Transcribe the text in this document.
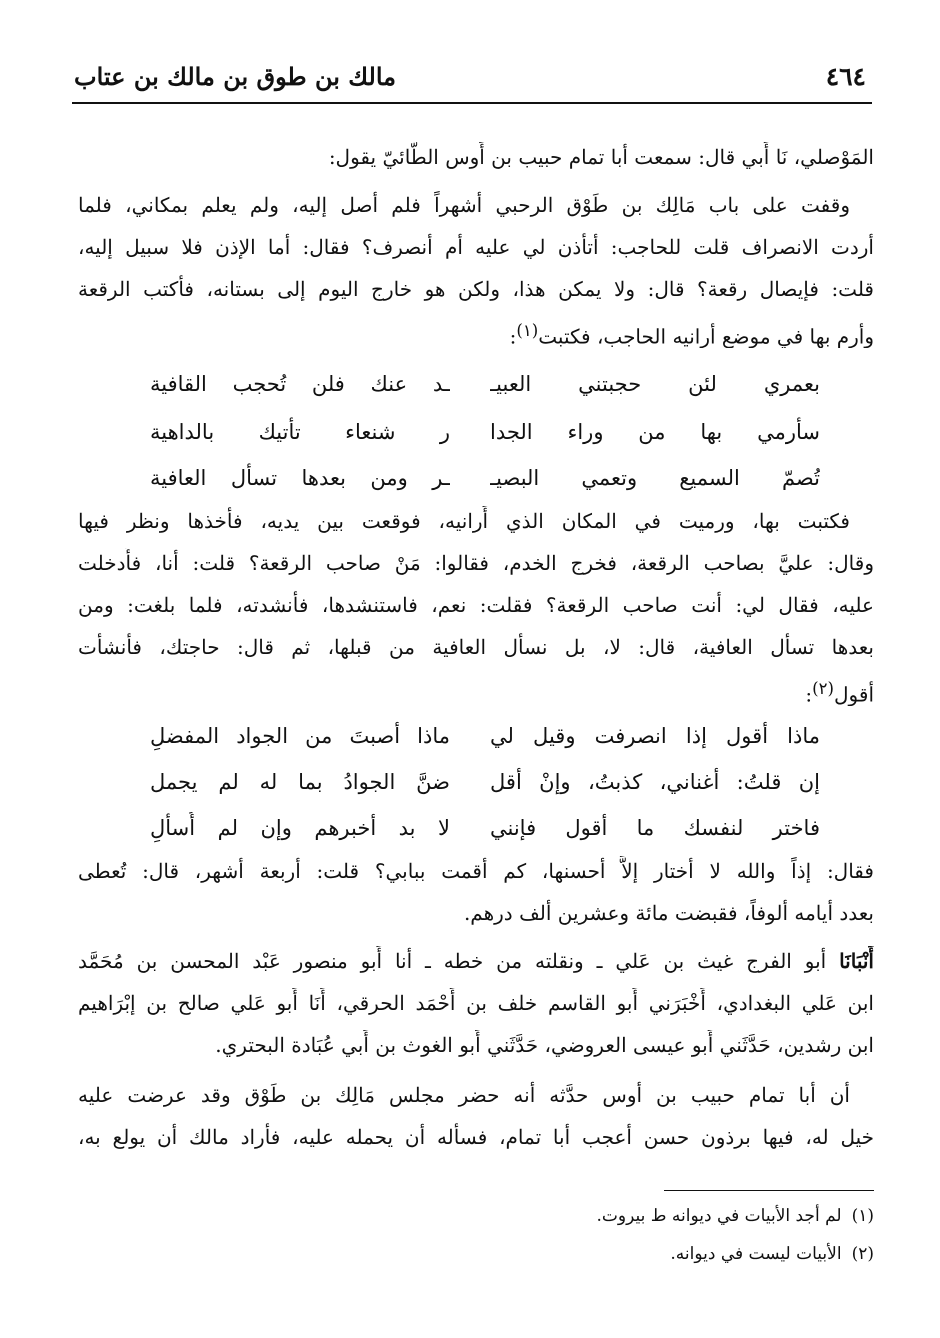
٤٦٤
مالك بن طوق بن مالك بن عتاب
المَوْصلي، نَا أَبي قال: سمعت أبا تمام حبيب بن أَوس الطَّائيّ يقول:
وقفت على باب مَالِك بن طَوْق الرحبي أشهراً فلم أصل إليه، ولم يعلم بمكاني، فلما
أردت الانصراف قلت للحاجب: أتأذن لي عليه أم أنصرف؟ فقال: أما الإذن فلا سبيل إليه،
قلت: فإيصال رقعة؟ قال: ولا يمكن هذا، ولكن هو خارج اليوم إلى بستانه، فأكتب الرقعة
وأرم بها في موضع أرانيه الحاجب، فكتبت$^{(١)}$:
بعمري لئن حجبتني العبيـ
ـد عنك فلن تُحجب القافية
سأرمي بها من وراء الجدا
ر شنعاء تأتيك بالداهية
تُصمّ السميع وتعمي البصيـ
ـر ومن بعدها تسأل العافية
فكتبت بها، ورميت في المكان الذي أَرانيه، فوقعت بين يديه، فأخذها ونظر فيها
وقال: عليَّ بصاحب الرقعة، فخرج الخدم، فقالوا: مَنْ صاحب الرقعة؟ قلت: أنا، فأُدخلت
عليه، فقال لي: أنت صاحب الرقعة؟ فقلت: نعم، فاستنشدها، فأنشدته، فلما بلغت: ومن
بعدها تسأل العافية، قال: لا، بل نسأل العافية من قبلها، ثم قال: حاجتك، فأنشأت
أقول$^{(٢)}$:
ماذا أقول إذا انصرفت وقيل لي
ماذا أصبتَ من الجواد المفضلِ
إن قلتُ: أغناني، كذبتُ، وإنْ أقل
ضنَّ الجوادُ بما له لم يجمل
فاختر لنفسك ما أقول فإنني
لا بد أخبرهم وإن لم أُسألِ
فقال: إذاً والله لا أختار إلاَّ أحسنها، كم أقمت ببابي؟ قلت: أربعة أشهر، قال: تُعطى
بعدد أيامه ألوفاً، فقبضت مائة وعشرين ألف درهم.
أَنْبَانَا أبو الفرج غيث بن عَلي ـ ونقلته من خطه ـ أنا أَبو منصور عَبْد المحسن بن مُحَمَّد
ابن عَلي البغدادي، أَخْبَرَني أَبو القاسم خلف بن أَحْمَد الحرقي، أَنَا أَبو عَلي صالح بن إبْرَاهيم
ابن رشدين، حَدَّثَني أَبو عيسى العروضي، حَدَّثَني أَبو الغوث بن أَبي عُبَادة البحتري.
أن أبا تمام حبيب بن أوس حدَّثه أنه حضر مجلس مَالِك بن طَوْق وقد عرضت عليه
خيل له، فيها برذون حسن أعجب أبا تمام، فسأله أن يحمله عليه، فأراد مالك أن يولع به،
(١)لم أجد الأبيات في ديوانه ط بيروت.
(٢)الأبيات ليست في ديوانه.
